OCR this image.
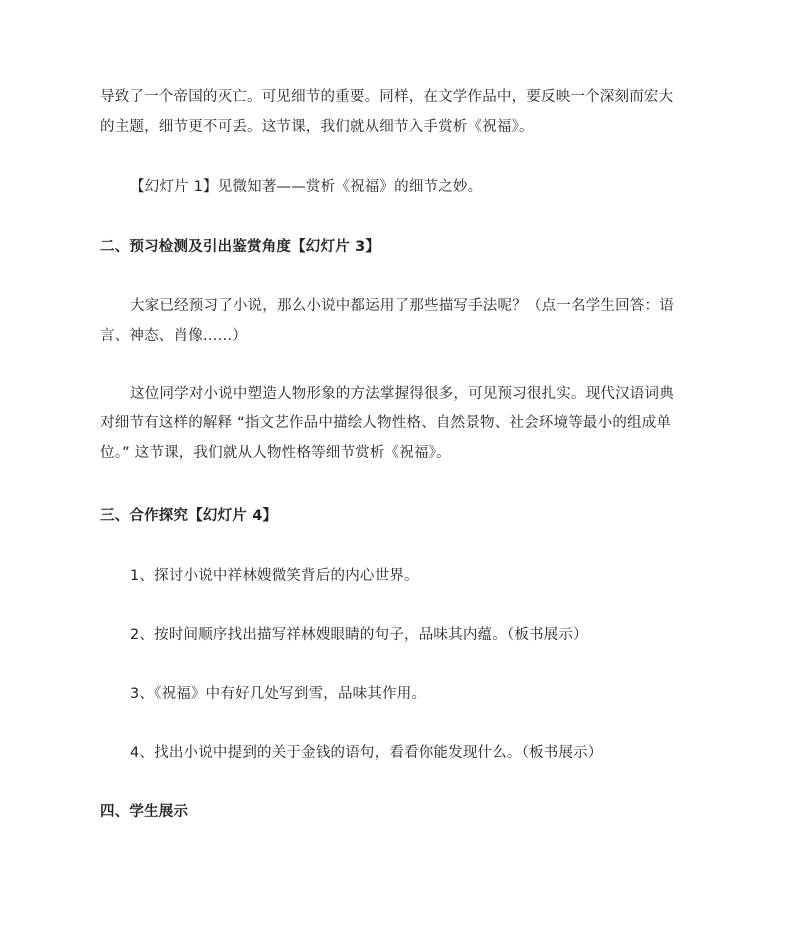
导致了一个帝国的灭亡。可见细节的重要。同样，在文学作品中，要反映一个深刻而宏大
的主题，细节更不可丢。这节课，我们就从细节入手赏析《祝福》。
【幻灯片 1】见微知著——赏析《祝福》的细节之妙。
二、预习检测及引出鉴赏角度【幻灯片 3】
大家已经预习了小说，那么小说中都运用了那些描写手法呢？（点一名学生回答：语
言、神态、肖像……）
这位同学对小说中塑造人物形象的方法掌握得很多，可见预习很扎实。现代汉语词典
对细节有这样的解释 “指文艺作品中描绘人物性格、自然景物、社会环境等最小的组成单
位。” 这节课，我们就从人物性格等细节赏析《祝福》。
三、合作探究【幻灯片 4】
1、探讨小说中祥林嫂微笑背后的内心世界。
2、按时间顺序找出描写祥林嫂眼睛的句子，品味其内蕴。（板书展示）
3、《祝福》中有好几处写到雪，品味其作用。
4、找出小说中提到的关于金钱的语句，看看你能发现什么。（板书展示）
四、学生展示
